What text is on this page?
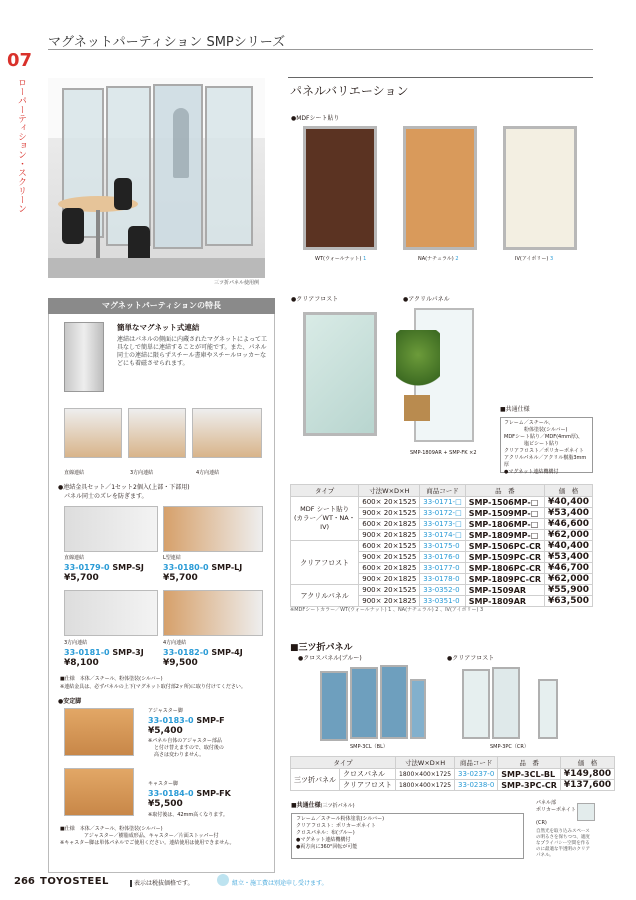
マグネットパーティション SMPシリーズ
07
ローパーティション・スクリーン
三ツ折パネル使用例
パネルバリエーション
●MDFシート貼り
WT(ウォールナット) 1	NA(ナチュラル) 2	IV(アイボリー) 3
●クリアフロスト	●アクリルパネル
SMP-1809AR + SMP-FK ×2
■共通仕様
フレーム／スチール、
　　　　粉体塗装(シルバー)
MDFシート貼り／MDF(4mm厚)、
　　　　塩ビシート貼り
クリアフロスト／ポリカーボネイト
アクリルパネル／アクリル樹脂3mm厚
●マグネット連結機構付
タイプ	寸法W×D×H	商品コード	品　番	価　格
MDF シート貼り
(カラー／WT・NA・IV)	600× 20×1525	33-0171-□	SMP-1506MP-□	¥40,400
	900× 20×1525	33-0172-□	SMP-1509MP-□	¥53,400
	600× 20×1825	33-0173-□	SMP-1806MP-□	¥46,600
	900× 20×1825	33-0174-□	SMP-1809MP-□	¥62,000
クリアフロスト	600× 20×1525	33-0175-0	SMP-1506PC-CR	¥40,400
	900× 20×1525	33-0176-0	SMP-1509PC-CR	¥53,400
	600× 20×1825	33-0177-0	SMP-1806PC-CR	¥46,700
	900× 20×1825	33-0178-0	SMP-1809PC-CR	¥62,000
アクリルパネル	900× 20×1525	33-0352-0	SMP-1509AR	¥55,900
	900× 20×1825	33-0351-0	SMP-1809AR	¥63,500
※MDFシートカラー／WT(ウォールナット) 1 、NA(ナチュラル) 2 、IV(アイボリー) 3
■三ツ折パネル
●クロスパネル(ブルー)	●クリアフロスト
SMP-3CL（BL）	SMP-3PC（CR）
タイプ		寸法W×D×H	商品コード	品　番	価　格
三ツ折パネル	クロスパネル	1800×400×1725	33-0237-0	SMP-3CL-BL	¥149,800
	クリアフロスト	1800×400×1725	33-0238-0	SMP-3PC-CR	¥137,600
■共通仕様(三ツ折パネル)
フレーム／スチール粉体塗装(シルバー)
クリアフロスト：ポリカーボネイト
クロスパネル：布(ブルー)
●マグネット連結機構付
●両方向に360°回転が可能
パネル部
ポリカーボネイト
(CR)
自然光を取り込みスペースの明るさを保ちつつ、適度なプライバシー空間を作るのに最適な半透明のクリアパネル。
マグネットパーティションの特長
簡単なマグネット式連結
連結はパネルの側面に内蔵されたマグネットによって工具なしで簡単に連結することが可能です。また、パネル同士の連結に限らずスチール書庫やスチールロッカーなどにも着磁させられます。
直線連結	3方向連結	4方向連結
●連結金具セット／1セット2個入(上部・下部用)
パネル同士のズレを防ぎます。
直線連結
33-0179-0 SMP-SJ
¥5,700
L型連結
33-0180-0 SMP-LJ
¥5,700
3方向連結
33-0181-0 SMP-3J
¥8,100
4方向連結
33-0182-0 SMP-4J
¥9,500
■仕様　本体／スチール、粉体塗装(シルバー)
※連結金具は、必ずパネルの上下(マグネット取付部2ヶ所)に取り付けてください。
●安定脚
アジャスター脚
33-0183-0 SMP-F
¥5,400
※パネル自体のアジャスター部品
と付け替えますので、取付後の
高さは変わりません。
キャスター脚
33-0184-0 SMP-FK
¥5,500
※取付後は、42mm高くなります。
■仕様　本体／スチール、粉体塗装(シルバー)
アジャスター／樹脂成形品、キャスター／片面ストッパー付
※キャスター脚は単体パネルでご使用ください。連結使用は使用できません。
266 TOYOSTEEL	表示は税抜価格です。	組立・施工費は別途申し受けます。
